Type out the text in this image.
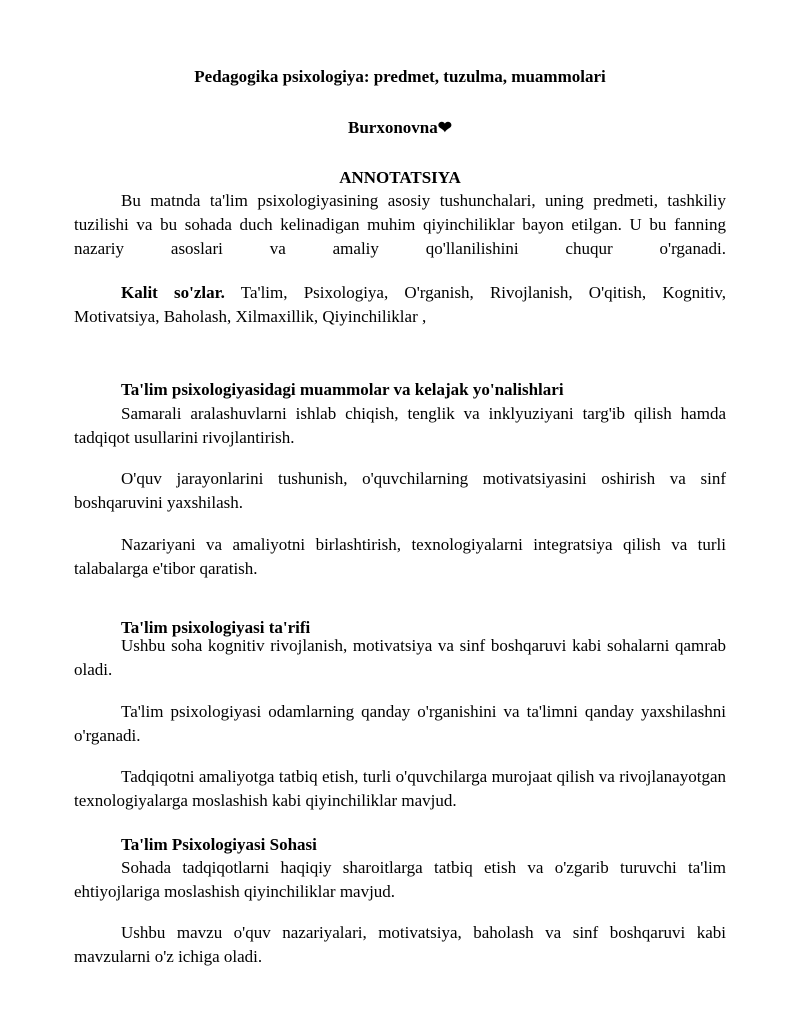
Pedagogika psixologiya: predmet, tuzulma, muammolari

Burxonovna❤

ANNOTATSIYA

Bu matnda ta'lim psixologiyasining asosiy tushunchalari, uning predmeti, tashkiliy tuzilishi va bu sohada duch kelinadigan muhim qiyinchiliklar bayon etilgan. U bu fanning nazariy asoslari va amaliy qo'llanilishini chuqur o'rganadi.

Kalit so'zlar. Ta'lim, Psixologiya, O'rganish, Rivojlanish, O'qitish, Kognitiv, Motivatsiya, Baholash, Xilmaxillik, Qiyinchiliklar ,

Ta'lim psixologiyasidagi muammolar va kelajak yo'nalishlari

Samarali aralashuvlarni ishlab chiqish, tenglik va inklyuziyani targ'ib qilish hamda tadqiqot usullarini rivojlantirish.

O'quv jarayonlarini tushunish, o'quvchilarning motivatsiyasini oshirish va sinf boshqaruvini yaxshilash.

Nazariyani va amaliyotni birlashtirish, texnologiyalarni integratsiya qilish va turli talabalarga e'tibor qaratish.

Ta'lim psixologiyasi ta'rifi

Ushbu soha kognitiv rivojlanish, motivatsiya va sinf boshqaruvi kabi sohalarni qamrab oladi.

Ta'lim psixologiyasi odamlarning qanday o'rganishini va ta'limni qanday yaxshilashni o'rganadi.

Tadqiqotni amaliyotga tatbiq etish, turli o'quvchilarga murojaat qilish va rivojlanayotgan texnologiyalarga moslashish kabi qiyinchiliklar mavjud.

Ta'lim Psixologiyasi Sohasi

Sohada tadqiqotlarni haqiqiy sharoitlarga tatbiq etish va o'zgarib turuvchi ta'lim ehtiyojlariga moslashish qiyinchiliklar mavjud.

Ushbu mavzu o'quv nazariyalari, motivatsiya, baholash va sinf boshqaruvi kabi mavzularni o'z ichiga oladi.
